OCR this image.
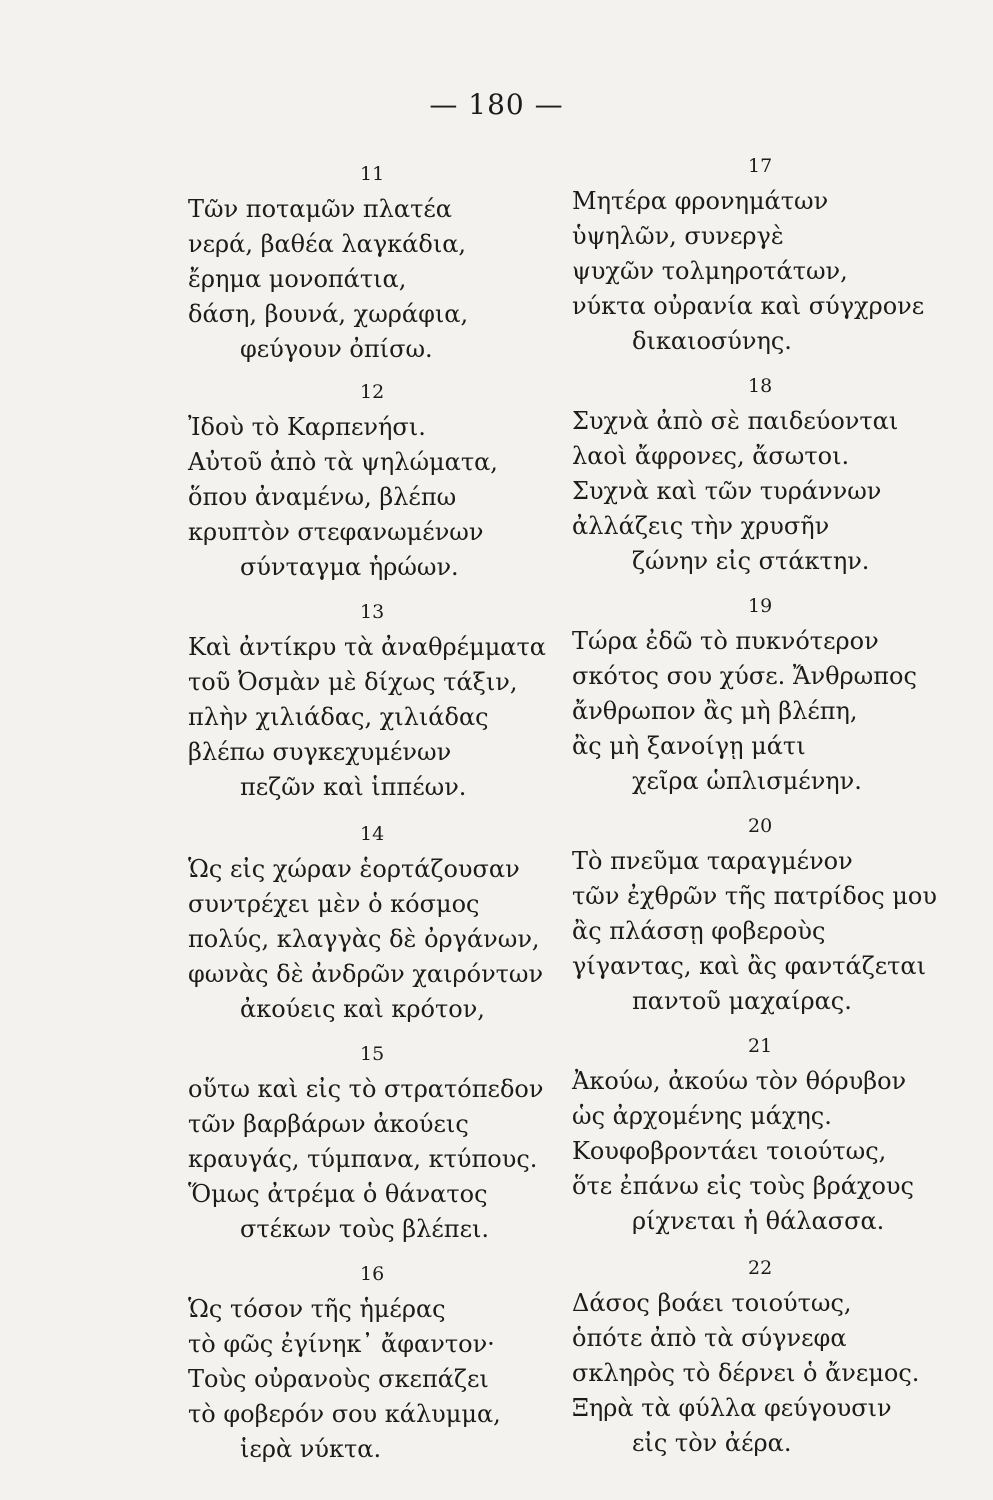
— 180 —
11
Τῶν ποταμῶν πλατέα
νερά, βαθέα λαγκάδια,
ἔρημα μονοπάτια,
δάση, βουνά, χωράφια,
φεύγουν ὀπίσω.
12
Ἰδοὺ τὸ Καρπενήσι.
Αὐτοῦ ἀπὸ τὰ ψηλώματα,
ὅπου ἀναμένω, βλέπω
κρυπτὸν στεφανωμένων
σύνταγμα ἡρώων.
13
Καὶ ἀντίκρυ τὰ ἀναθρέμματα
τοῦ Ὀσμὰν μὲ δίχως τάξιν,
πλὴν χιλιάδας, χιλιάδας
βλέπω συγκεχυμένων
πεζῶν καὶ ἱππέων.
14
Ὡς εἰς χώραν ἑορτάζουσαν
συντρέχει μὲν ὁ κόσμος
πολύς, κλαγγὰς δὲ ὀργάνων,
φωνὰς δὲ ἀνδρῶν χαιρόντων
ἀκούεις καὶ κρότον,
15
οὕτω καὶ εἰς τὸ στρατόπεδον
τῶν βαρβάρων ἀκούεις
κραυγάς, τύμπανα, κτύπους.
Ὅμως ἀτρέμα ὁ θάνατος
στέκων τοὺς βλέπει.
16
Ὡς τόσον τῆς ἡμέρας
τὸ φῶς ἐγίνηκ᾽ ἄφαντον·
Τοὺς οὐρανοὺς σκεπάζει
τὸ φοβερόν σου κάλυμμα,
ἱερὰ νύκτα.
17
Μητέρα φρονημάτων
ὑψηλῶν, συνεργὲ
ψυχῶν τολμηροτάτων,
νύκτα οὐρανία καὶ σύγχρονε
δικαιοσύνης.
18
Συχνὰ ἀπὸ σὲ παιδεύονται
λαοὶ ἄφρονες, ἄσωτοι.
Συχνὰ καὶ τῶν τυράννων
ἀλλάζεις τὴν χρυσῆν
ζώνην εἰς στάκτην.
19
Τώρα ἐδῶ τὸ πυκνότερον
σκότος σου χύσε. Ἄνθρωπος
ἄνθρωπον ἂς μὴ βλέπη,
ἂς μὴ ξανοίγῃ μάτι
χεῖρα ὡπλισμένην.
20
Τὸ πνεῦμα ταραγμένον
τῶν ἐχθρῶν τῆς πατρίδος μου
ἂς πλάσσῃ φοβεροὺς
γίγαντας, καὶ ἂς φαντάζεται
παντοῦ μαχαίρας.
21
Ἀκούω, ἀκούω τὸν θόρυβον
ὡς ἀρχομένης μάχης.
Κουφοβροντάει τοιούτως,
ὅτε ἐπάνω εἰς τοὺς βράχους
ρίχνεται ἡ θάλασσα.
22
Δάσος βοάει τοιούτως,
ὁπότε ἀπὸ τὰ σύγνεφα
σκληρὸς τὸ δέρνει ὁ ἄνεμος.
Ξηρὰ τὰ φύλλα φεύγουσιν
εἰς τὸν ἀέρα.
